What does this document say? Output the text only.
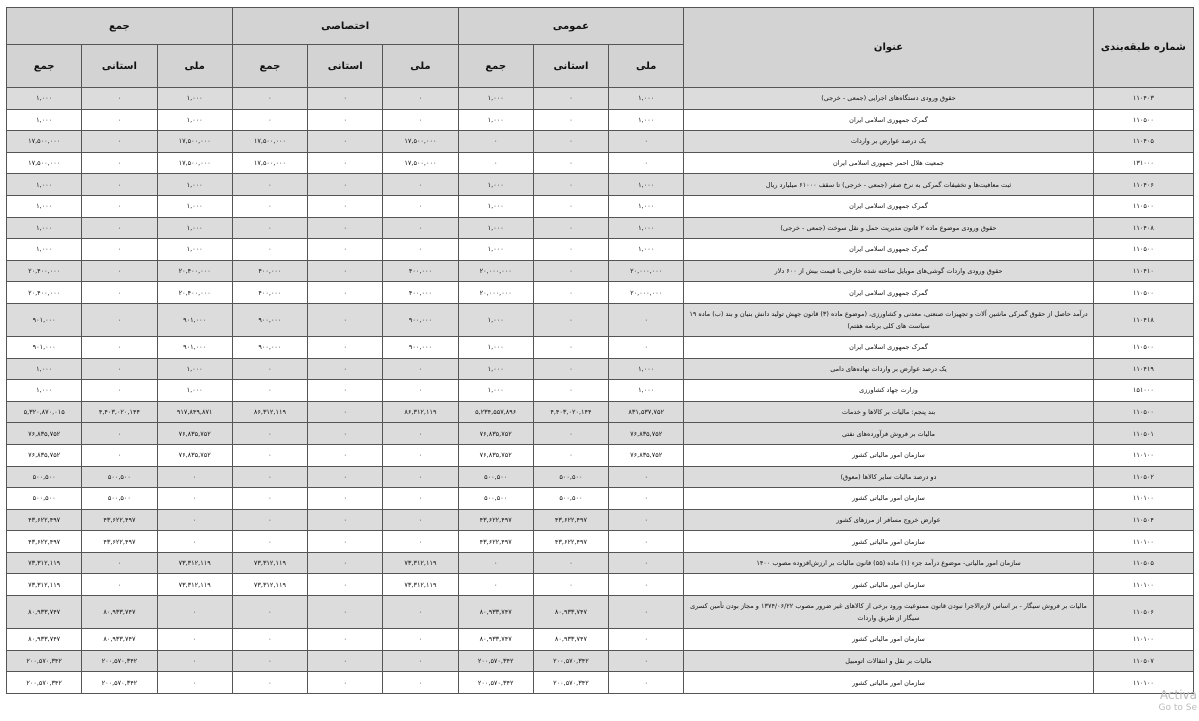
شماره طبقه‌بندی	عنوان	عمومی			اختصاصی			جمع		
		ملی	استانی	جمع	ملی	استانی	جمع	ملی	استانی	جمع
۱۱۰۴۰۳	حقوق ورودی دستگاه‌های اجرایی (جمعی - خرجی)	۱,۰۰۰	۰	۱,۰۰۰	۰	۰	۰	۱,۰۰۰	۰	۱,۰۰۰
۱۱۰۵۰۰	گمرک جمهوری اسلامی ایران	۱,۰۰۰	۰	۱,۰۰۰	۰	۰	۰	۱,۰۰۰	۰	۱,۰۰۰
۱۱۰۴۰۵	یک درصد عوارض بر واردات	۰	۰	۰	۱۷,۵۰۰,۰۰۰	۰	۱۷,۵۰۰,۰۰۰	۱۷,۵۰۰,۰۰۰	۰	۱۷,۵۰۰,۰۰۰
۱۳۱۰۰۰	جمعیت هلال احمر جمهوری اسلامی ایران	۰	۰	۰	۱۷,۵۰۰,۰۰۰	۰	۱۷,۵۰۰,۰۰۰	۱۷,۵۰۰,۰۰۰	۰	۱۷,۵۰۰,۰۰۰
۱۱۰۴۰۶	ثبت معافیت‌ها و تخفیفات گمرکی به نرخ صفر (جمعی - خرجی) تا سقف ۶۱۰۰۰ میلیارد ریال	۱,۰۰۰	۰	۱,۰۰۰	۰	۰	۰	۱,۰۰۰	۰	۱,۰۰۰
۱۱۰۵۰۰	گمرک جمهوری اسلامی ایران	۱,۰۰۰	۰	۱,۰۰۰	۰	۰	۰	۱,۰۰۰	۰	۱,۰۰۰
۱۱۰۴۰۸	حقوق ورودی موضوع ماده ۲ قانون مدیریت حمل و نقل سوخت (جمعی - خرجی)	۱,۰۰۰	۰	۱,۰۰۰	۰	۰	۰	۱,۰۰۰	۰	۱,۰۰۰
۱۱۰۵۰۰	گمرک جمهوری اسلامی ایران	۱,۰۰۰	۰	۱,۰۰۰	۰	۰	۰	۱,۰۰۰	۰	۱,۰۰۰
۱۱۰۴۱۰	حقوق ورودی واردات گوشی‌های موبایل ساخته شده خارجی با قیمت بیش از ۶۰۰ دلار	۲۰,۰۰۰,۰۰۰	۰	۲۰,۰۰۰,۰۰۰	۴۰۰,۰۰۰	۰	۴۰۰,۰۰۰	۲۰,۴۰۰,۰۰۰	۰	۲۰,۴۰۰,۰۰۰
۱۱۰۵۰۰	گمرک جمهوری اسلامی ایران	۲۰,۰۰۰,۰۰۰	۰	۲۰,۰۰۰,۰۰۰	۴۰۰,۰۰۰	۰	۴۰۰,۰۰۰	۲۰,۴۰۰,۰۰۰	۰	۲۰,۴۰۰,۰۰۰
۱۱۰۴۱۸	درآمد حاصل از حقوق گمرکی ماشین آلات و تجهیزات صنعتی، معدنی و کشاورزی، (موضوع ماده (۳) قانون جهش تولید دانش بنیان و بند (ب) ماده ۱۹ سیاست های کلی برنامه هفتم)	۰	۰	۱,۰۰۰	۹۰۰,۰۰۰	۰	۹۰۰,۰۰۰	۹۰۱,۰۰۰	۰	۹۰۱,۰۰۰
۱۱۰۵۰۰	گمرک جمهوری اسلامی ایران	۰	۰	۱,۰۰۰	۹۰۰,۰۰۰	۰	۹۰۰,۰۰۰	۹۰۱,۰۰۰	۰	۹۰۱,۰۰۰
۱۱۰۴۱۹	یک درصد عوارض بر واردات نهاده‌های دامی	۱,۰۰۰	۰	۱,۰۰۰	۰	۰	۰	۱,۰۰۰	۰	۱,۰۰۰
۱۵۱۰۰۰	وزارت جهاد کشاورزی	۱,۰۰۰	۰	۱,۰۰۰	۰	۰	۰	۱,۰۰۰	۰	۱,۰۰۰
۱۱۰۵۰۰	بند پنجم: مالیات بر کالاها و خدمات	۸۳۱,۵۳۷,۷۵۲	۴,۴۰۳,۰۲۰,۱۴۴	۵,۲۳۴,۵۵۷,۸۹۶	۸۶,۳۱۲,۱۱۹	۰	۸۶,۳۱۲,۱۱۹	۹۱۷,۸۴۹,۸۷۱	۴,۴۰۳,۰۲۰,۱۴۴	۵,۳۲۰,۸۷۰,۰۱۵
۱۱۰۵۰۱	مالیات بر فروش فرآورده‌های نفتی	۷۶,۸۳۵,۷۵۲	۰	۷۶,۸۳۵,۷۵۲	۰	۰	۰	۷۶,۸۳۵,۷۵۲	۰	۷۶,۸۳۵,۷۵۲
۱۱۰۱۰۰	سازمان امور مالیاتی کشور	۷۶,۸۳۵,۷۵۲	۰	۷۶,۸۳۵,۷۵۲	۰	۰	۰	۷۶,۸۳۵,۷۵۲	۰	۷۶,۸۳۵,۷۵۲
۱۱۰۵۰۲	دو درصد مالیات سایر کالاها (معوق)	۰	۵۰۰,۵۰۰	۵۰۰,۵۰۰	۰	۰	۰	۰	۵۰۰,۵۰۰	۵۰۰,۵۰۰
۱۱۰۱۰۰	سازمان امور مالیاتی کشور	۰	۵۰۰,۵۰۰	۵۰۰,۵۰۰	۰	۰	۰	۰	۵۰۰,۵۰۰	۵۰۰,۵۰۰
۱۱۰۵۰۴	عوارض خروج مسافر از مرزهای کشور	۰	۴۳,۶۲۲,۴۹۷	۴۳,۶۲۲,۴۹۷	۰	۰	۰	۰	۴۳,۶۲۲,۴۹۷	۴۳,۶۲۲,۴۹۷
۱۱۰۱۰۰	سازمان امور مالیاتی کشور	۰	۴۳,۶۲۲,۴۹۷	۴۳,۶۲۲,۴۹۷	۰	۰	۰	۰	۴۳,۶۲۲,۴۹۷	۴۳,۶۲۲,۴۹۷
۱۱۰۵۰۵	سازمان امور مالیاتی- موضوع درآمد جزء (۱) ماده (۵۵) قانون مالیات بر ارزش‌افزوده مصوب ۱۴۰۰	۰	۰	۰	۷۳,۳۱۲,۱۱۹	۰	۷۳,۳۱۲,۱۱۹	۷۳,۳۱۲,۱۱۹	۰	۷۳,۳۱۲,۱۱۹
۱۱۰۱۰۰	سازمان امور مالیاتی کشور	۰	۰	۰	۷۳,۳۱۲,۱۱۹	۰	۷۳,۳۱۲,۱۱۹	۷۳,۳۱۲,۱۱۹	۰	۷۳,۳۱۲,۱۱۹
۱۱۰۵۰۶	مالیات بر فروش سیگار - بر اساس لازم‌الاجرا نبودن قانون ممنوعیت ورود برخی از کالاهای غیر ضرور مصوب ۱۳۷۴/۰۶/۲۲ و مجاز بودن تأمین کسری سیگار از طریق واردات	۰	۸۰,۹۳۳,۷۴۷	۸۰,۹۳۳,۷۴۷	۰	۰	۰	۰	۸۰,۹۳۳,۷۴۷	۸۰,۹۳۳,۷۴۷
۱۱۰۱۰۰	سازمان امور مالیاتی کشور	۰	۸۰,۹۳۳,۷۴۷	۸۰,۹۳۳,۷۴۷	۰	۰	۰	۰	۸۰,۹۳۳,۷۴۷	۸۰,۹۳۳,۷۴۷
۱۱۰۵۰۷	مالیات بر نقل و انتقالات اتومبیل	۰	۲۰۰,۵۷۰,۳۴۲	۲۰۰,۵۷۰,۳۴۲	۰	۰	۰	۰	۲۰۰,۵۷۰,۳۴۲	۲۰۰,۵۷۰,۳۴۲
۱۱۰۱۰۰	سازمان امور مالیاتی کشور	۰	۲۰۰,۵۷۰,۳۴۲	۲۰۰,۵۷۰,۳۴۲	۰	۰	۰	۰	۲۰۰,۵۷۰,۳۴۲	۲۰۰,۵۷۰,۳۴۲
Activa
Go to Se
